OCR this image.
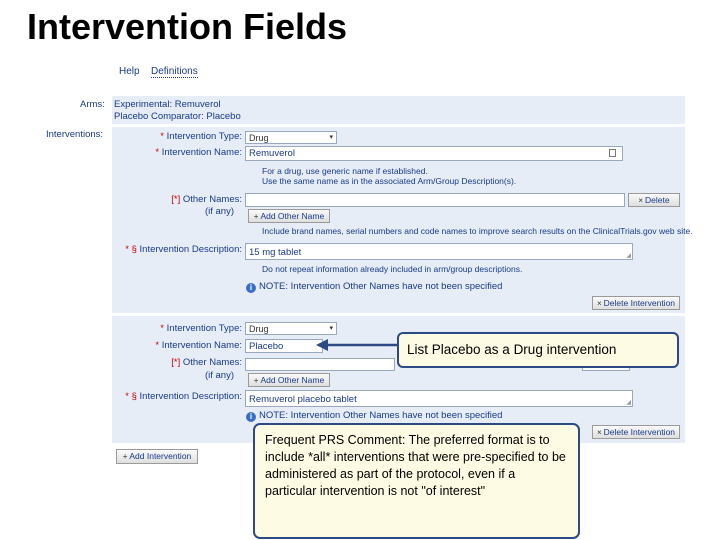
Intervention Fields
Help Definitions
Arms: Experimental: Remuverol
Placebo Comparator: Placebo
Interventions:	* Intervention Type: Drug	▾
* Intervention Name: Remuverol
For a drug, use generic name if established.
Use the same name as in the associated Arm/Group Description(s).
[*] Other Names:
(if any)
× Delete
+ Add Other Name
Include brand names, serial numbers and code names to improve search results on the ClinicalTrials.gov web site.
* § Intervention Description: 15 mg tablet	◢
Do not repeat information already included in arm/group descriptions.
i NOTE: Intervention Other Names have not been specified
× Delete Intervention
* Intervention Type: Drug	▾
* Intervention Name: Placebo
[*] Other Names:
(if any)	+ Add Other Name
* § Intervention Description: Remuverol placebo tablet	◢
i NOTE: Intervention Other Names have not been specified
× Delete Intervention
+ Add Intervention
List Placebo as a Drug intervention
Frequent PRS Comment: The preferred format is to include *all* interventions that were pre-specified to be administered as part of the protocol, even if a particular intervention is not "of interest"
